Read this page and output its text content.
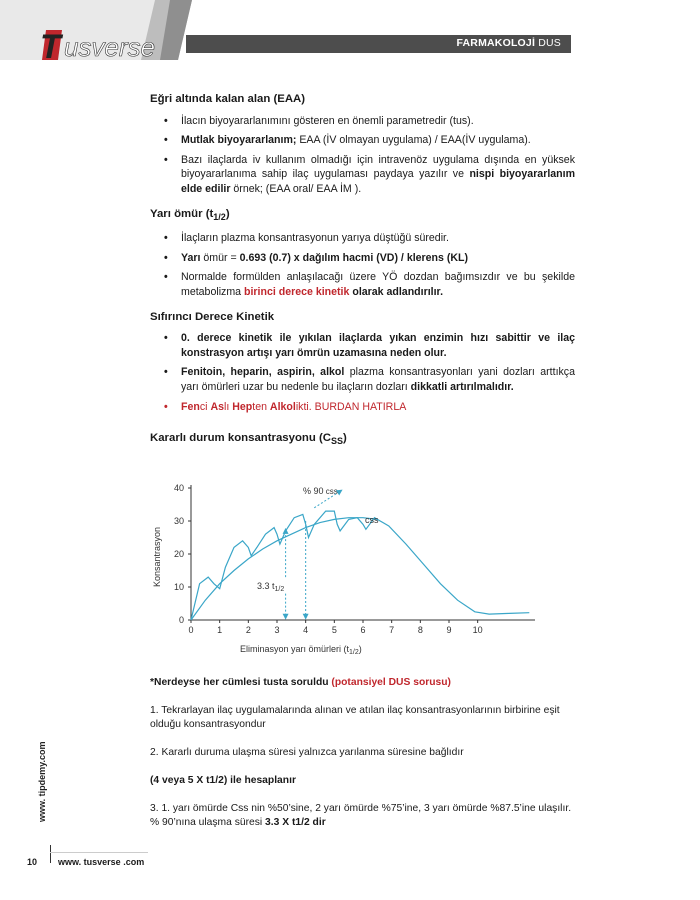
T usverse	FARMAKOLOJİ DUS
Eğri altında kalan alan (EAA)
• İlacın biyoyararlanımını gösteren en önemli parametredir (tus).
• Mutlak biyoyararlanım; EAA (İV olmayan uygulama) / EAA(İV uygulama).
• Bazı ilaçlarda iv kullanım olmadığı için intravenöz uygulama dışında en yüksek biyoyararlanıma sahip ilaç uygulaması paydaya yazılır ve nispi biyoyararlanım elde edilir örnek; (EAA oral/ EAA İM ).
Yarı ömür $(t_{1/2})$
• İlaçların plazma konsantrasyonun yarıya düştüğü süredir.
• Yarı ömür = 0.693 (0.7) x dağılım hacmi (VD) / klerens (KL)
• Normalde formülden anlaşılacağı üzere YÖ dozdan bağımsızdır ve bu şekilde metabolizma birinci derece kinetik olarak adlandırılır.
Sıfırıncı Derece Kinetik
• 0. derece kinetik ile yıkılan ilaçlarda yıkan enzimin hızı sabittir ve ilaç konstrasyon artışı yarı ömrün uzamasına neden olur.
• Fenitoin, heparin, aspirin, alkol plazma konsantrasyonları yani dozları arttıkça yarı ömürleri uzar bu nedenle bu ilaçların dozları dikkatli artırılmalıdır.
• Fenci Aslı Hepten Alkolikti. BURDAN HATIRLA
Kararlı durum konsantrasyonu $(C_{SS})$
Konsantrasyon
0
10
20
30
40
0	1	2	3	4	5	6	7	8	9 10
% 90 css
css
3.3 $t_{1/2}$
Eliminasyon yarı ömürleri $(t_{1/2})$

*Nerdeyse her cümlesi tusta soruldu (potansiyel DUS sorusu)

1. Tekrarlayan ilaç uygulamalarında alınan ve atılan ilaç konsantrasyonlarının birbirine eşit olduğu konsantrasyondur

2. Kararlı duruma ulaşma süresi yalnızca yarılanma süresine bağlıdır

(4 veya 5 X t1/2) ile hesaplanır

3. 1. yarı ömürde Css nin %50’sine, 2 yarı ömürde %75’ine, 3 yarı ömürde %87.5’ine ulaşılır. % 90’nına ulaşma süresi 3.3 X t1/2 dir

www. tipdemy.com
10 www. tusverse .com
